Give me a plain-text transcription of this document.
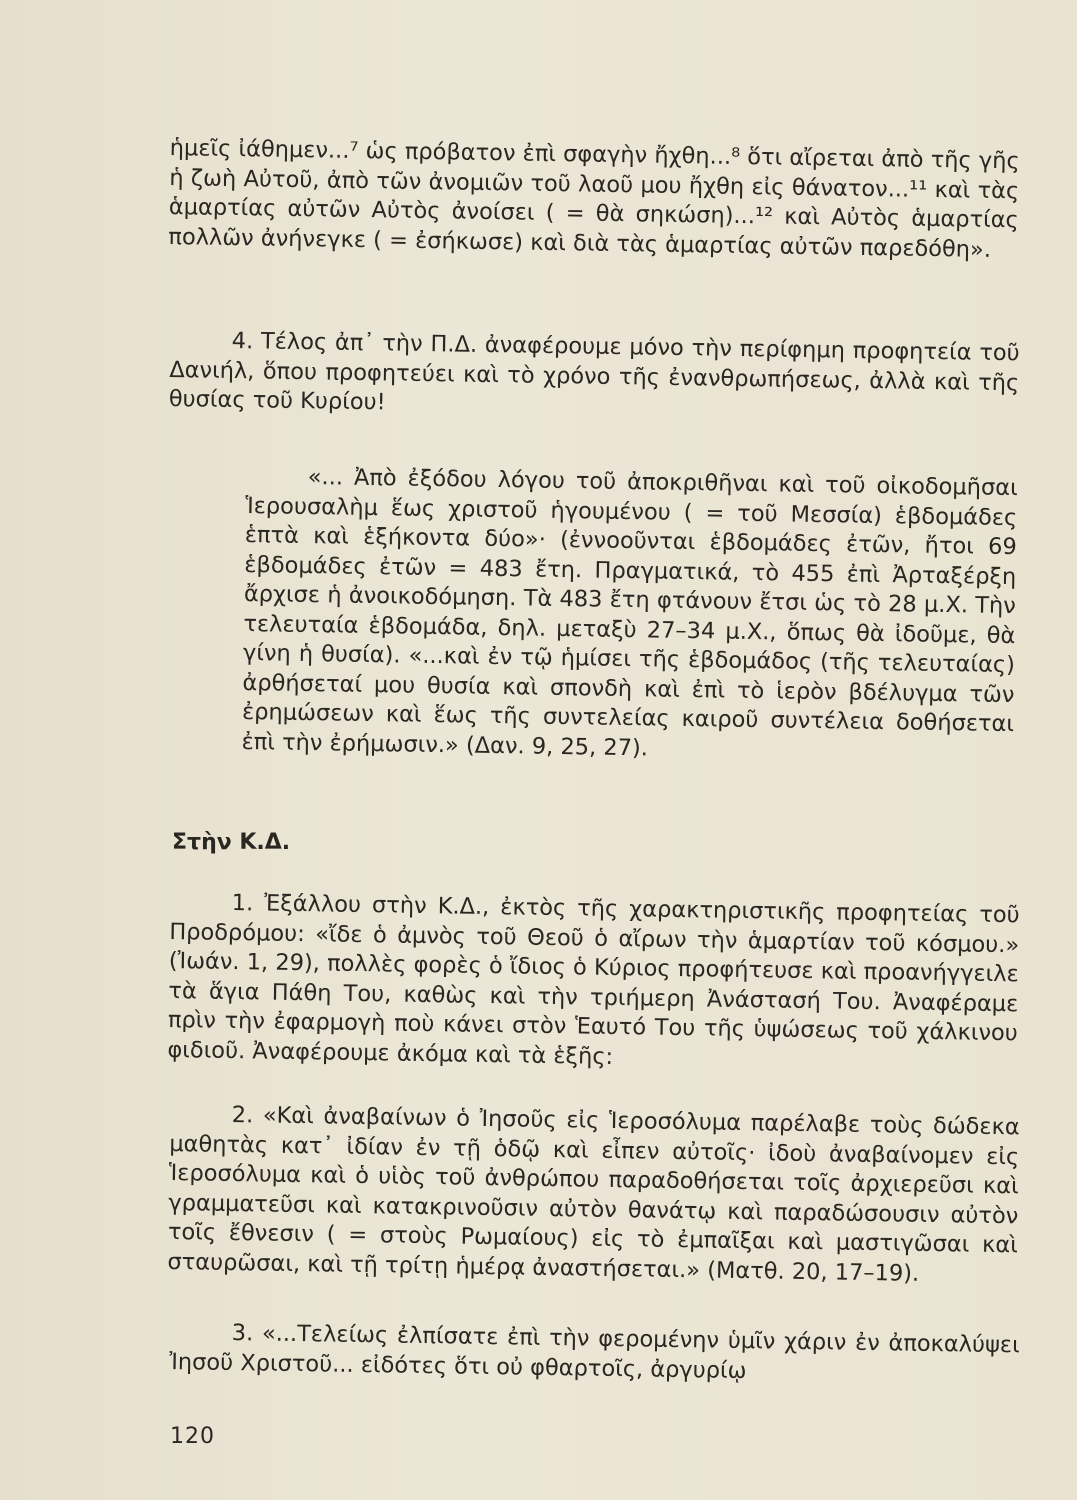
ἡμεῖς ἰάθημεν...⁷ ὡς πρόβατον ἐπὶ σφαγὴν ἤχθη...⁸ ὅτι αἴρεται ἀπὸ τῆς γῆς ἡ ζωὴ Αὐτοῦ, ἀπὸ τῶν ἀνομιῶν τοῦ λαοῦ μου ἤχθη εἰς θάνατον...¹¹ καὶ τὰς ἁμαρτίας αὐτῶν Αὐτὸς ἀνοίσει ( = θὰ σηκώση)...¹² καὶ Αὐτὸς ἁμαρτίας πολλῶν ἀνήνεγκε ( = ἐσήκωσε) καὶ διὰ τὰς ἁμαρτίας αὐτῶν παρεδόθη».

4. Τέλος ἀπ᾽ τὴν Π.Δ. ἀναφέρουμε μόνο τὴν περίφημη προφητεία τοῦ Δανιήλ, ὅπου προφητεύει καὶ τὸ χρόνο τῆς ἐνανθρωπήσεως, ἀλλὰ καὶ τῆς θυσίας τοῦ Κυρίου!

«... Ἀπὸ ἐξόδου λόγου τοῦ ἀποκριθῆναι καὶ τοῦ οἰκοδομῆσαι Ἱερουσαλὴμ ἕως χριστοῦ ἡγουμένου ( = τοῦ Μεσσία) ἑβδομάδες ἑπτὰ καὶ ἑξήκοντα δύο»· (ἐννοοῦνται ἑβδομάδες ἐτῶν, ἤτοι 69 ἑβδομάδες ἐτῶν = 483 ἔτη. Πραγματικά, τὸ 455 ἐπὶ Ἀρταξέρξη ἄρχισε ἡ ἀνοικοδόμηση. Τὰ 483 ἔτη φτάνουν ἔτσι ὡς τὸ 28 μ.Χ. Τὴν τελευταία ἑβδομάδα, δηλ. μεταξὺ 27–34 μ.Χ., ὅπως θὰ ἰδοῦμε, θὰ γίνη ἡ θυσία). «...καὶ ἐν τῷ ἡμίσει τῆς ἑβδομάδος (τῆς τελευταίας) ἀρθήσεταί μου θυσία καὶ σπονδὴ καὶ ἐπὶ τὸ ἱερὸν βδέλυγμα τῶν ἐρημώσεων καὶ ἕως τῆς συντελείας καιροῦ συντέλεια δοθήσεται ἐπὶ τὴν ἐρήμωσιν.» (Δαν. 9, 25, 27).

Στὴν Κ.Δ.

1. Ἐξάλλου στὴν Κ.Δ., ἐκτὸς τῆς χαρακτηριστικῆς προφητείας τοῦ Προδρόμου: «ἴδε ὁ ἀμνὸς τοῦ Θεοῦ ὁ αἴρων τὴν ἁμαρτίαν τοῦ κόσμου.» (Ἰωάν. 1, 29), πολλὲς φορὲς ὁ ἴδιος ὁ Κύριος προφήτευσε καὶ προανήγγειλε τὰ ἅγια Πάθη Του, καθὼς καὶ τὴν τριήμερη Ἀνάστασή Του. Ἀναφέραμε πρὶν τὴν ἐφαρμογὴ ποὺ κάνει στὸν Ἑαυτό Του τῆς ὑψώσεως τοῦ χάλκινου φιδιοῦ. Ἀναφέρουμε ἀκόμα καὶ τὰ ἑξῆς:

2. «Καὶ ἀναβαίνων ὁ Ἰησοῦς εἰς Ἱεροσόλυμα παρέλαβε τοὺς δώδεκα μαθητὰς κατ᾽ ἰδίαν ἐν τῇ ὁδῷ καὶ εἶπεν αὐτοῖς· ἰδοὺ ἀναβαίνομεν εἰς Ἱεροσόλυμα καὶ ὁ υἱὸς τοῦ ἀνθρώπου παραδοθήσεται τοῖς ἀρχιερεῦσι καὶ γραμματεῦσι καὶ κατακρινοῦσιν αὐτὸν θανάτῳ καὶ παραδώσουσιν αὐτὸν τοῖς ἔθνεσιν ( = στοὺς Ρωμαίους) εἰς τὸ ἐμπαῖξαι καὶ μαστιγῶσαι καὶ σταυρῶσαι, καὶ τῇ τρίτῃ ἡμέρᾳ ἀναστήσεται.» (Ματθ. 20, 17–19).

3. «...Τελείως ἐλπίσατε ἐπὶ τὴν φερομένην ὑμῖν χάριν ἐν ἀποκαλύψει Ἰησοῦ Χριστοῦ... εἰδότες ὅτι οὐ φθαρτοῖς, ἀργυρίῳ

120
